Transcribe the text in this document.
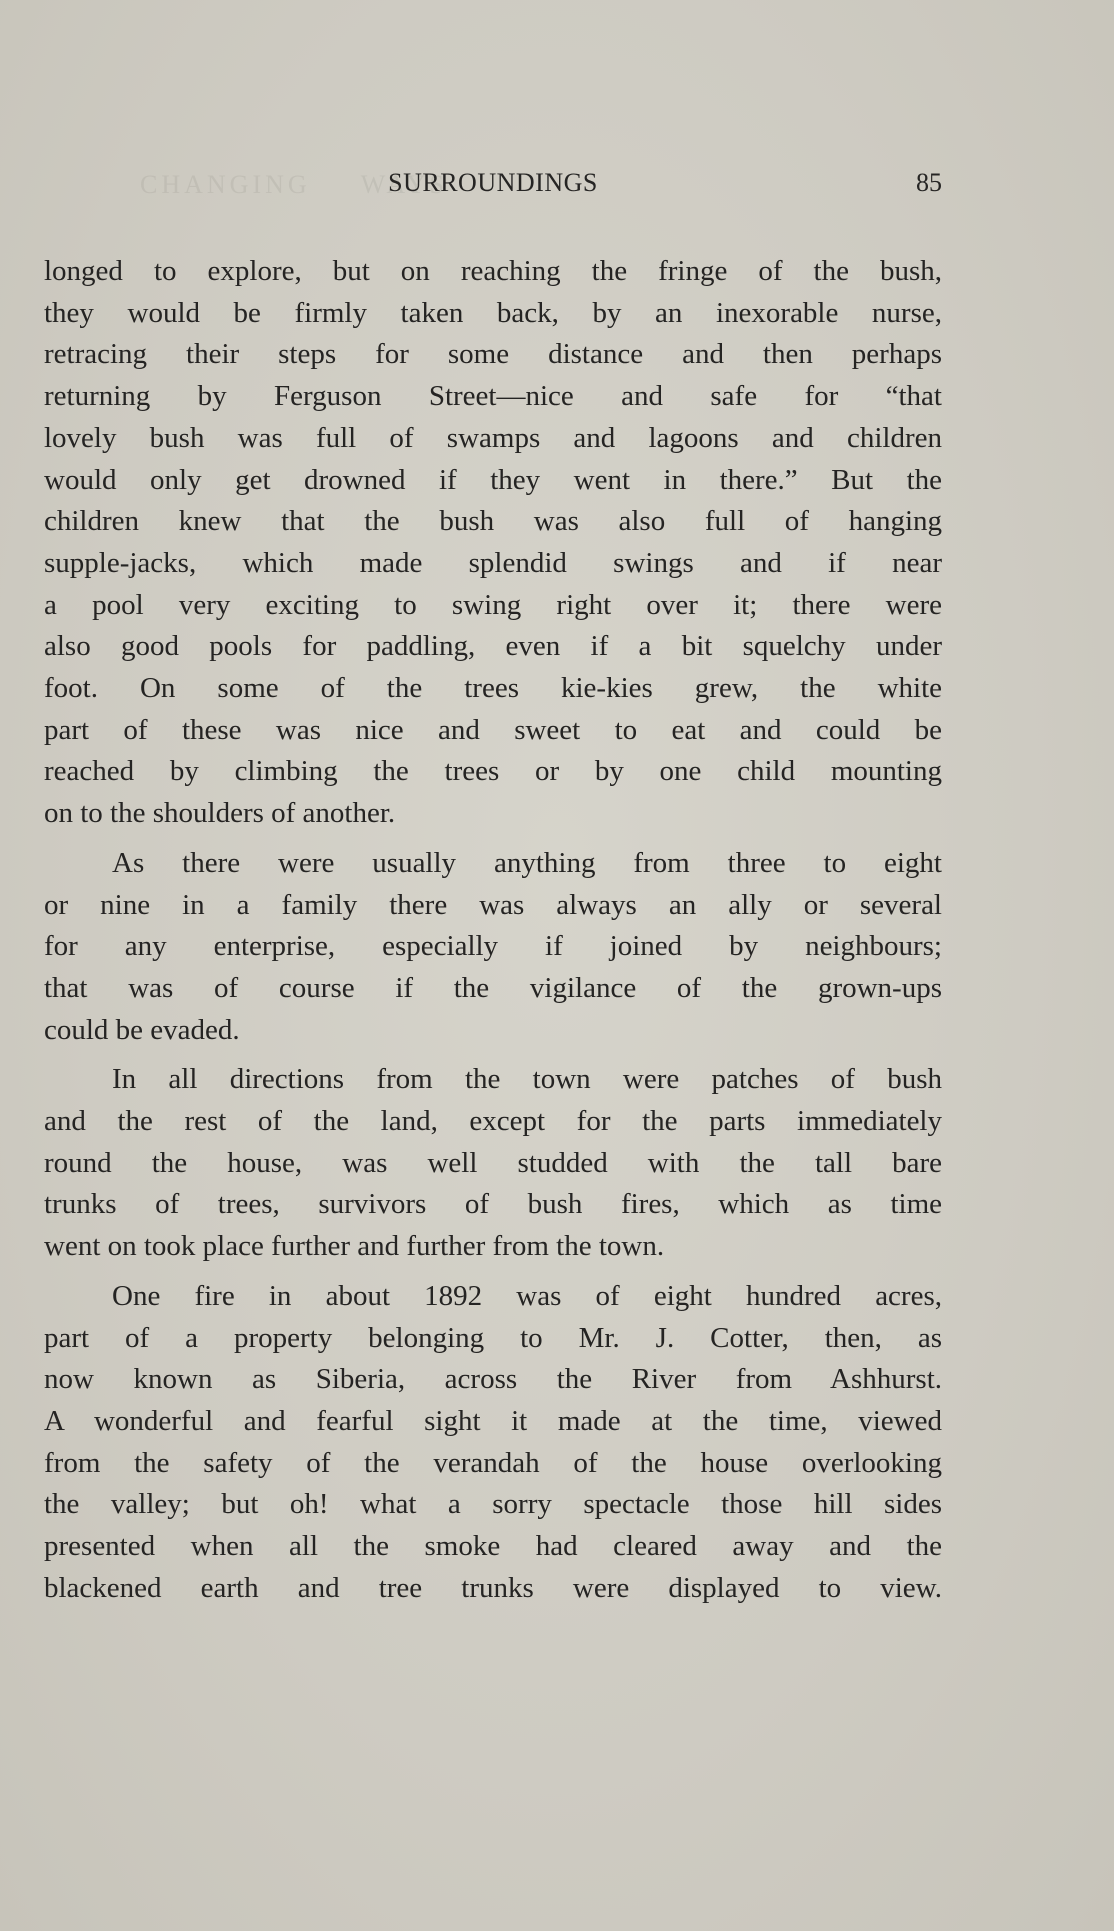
CHANGING WAYS
SURROUNDINGS	85
longed to explore, but on reaching the fringe of the bush,
they would be firmly taken back, by an inexorable nurse,
retracing their steps for some distance and then perhaps
returning by Ferguson Street—nice and safe for “that
lovely bush was full of swamps and lagoons and children
would only get drowned if they went in there.” But the
children knew that the bush was also full of hanging
supple-jacks, which made splendid swings and if near
a pool very exciting to swing right over it; there were
also good pools for paddling, even if a bit squelchy under
foot. On some of the trees kie-kies grew, the white
part of these was nice and sweet to eat and could be
reached by climbing the trees or by one child mounting
on to the shoulders of another.
As there were usually anything from three to eight
or nine in a family there was always an ally or several
for any enterprise, especially if joined by neighbours;
that was of course if the vigilance of the grown-ups
could be evaded.
In all directions from the town were patches of bush
and the rest of the land, except for the parts immediately
round the house, was well studded with the tall bare
trunks of trees, survivors of bush fires, which as time
went on took place further and further from the town.
One fire in about 1892 was of eight hundred acres,
part of a property belonging to Mr. J. Cotter, then, as
now known as Siberia, across the River from Ashhurst.
A wonderful and fearful sight it made at the time, viewed
from the safety of the verandah of the house overlooking
the valley; but oh! what a sorry spectacle those hill sides
presented when all the smoke had cleared away and the
blackened earth and tree trunks were displayed to view.
